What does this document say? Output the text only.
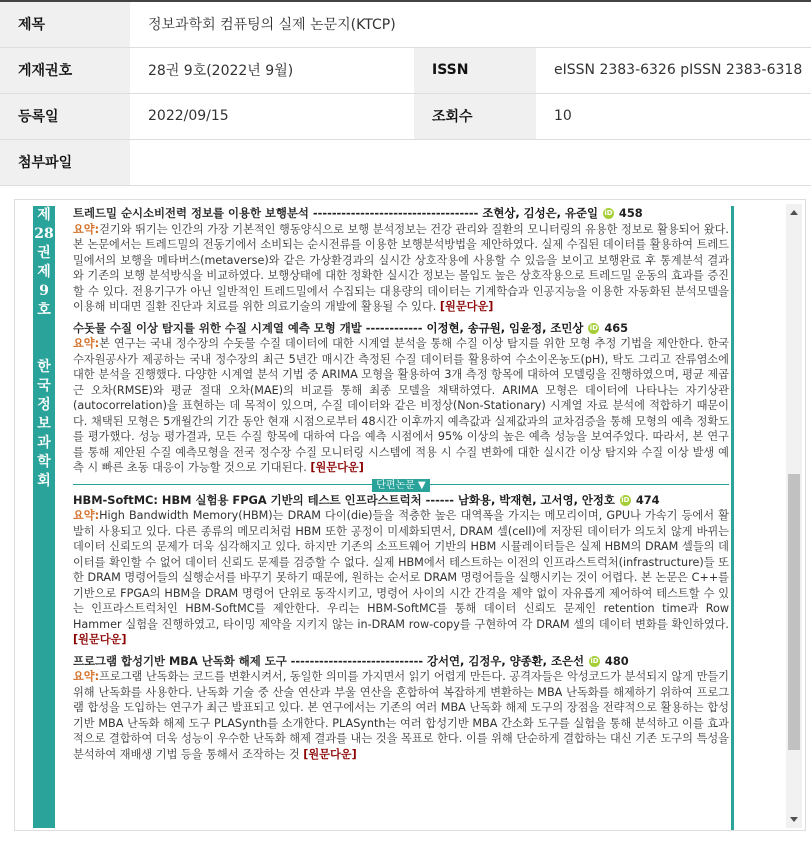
제목	정보과학회 컴퓨팅의 실제 논문지(KTCP)		
게재권호	28권 9호(2022년 9월)	ISSN	eISSN 2383-6326 pISSN 2383-6318
등록일	2022/09/15	조회수	10
첨부파일			
제
28
권
제
9
호

한
국
정
보
과
학
회
트레드밀 순시소비전력 정보를 이용한 보행분석 ----------------------------------- 조현상, 김성은, 유준일 iD 458
요약:걷기와 뛰기는 인간의 가장 기본적인 행동양식으로 보행 분석정보는 건강 관리와 질환의 모니터링의 유용한 정보로 활용되어 왔다. 본 논문에서는 트레드밀의 전동기에서 소비되는 순시전류를 이용한 보행분석방법을 제안하였다. 실제 수집된 데이터를 활용하여 트레드밀에서의 보행을 메타버스(metaverse)와 같은 가상환경과의 실시간 상호작용에 사용할 수 있음을 보이고 보행완료 후 통계분석 결과와 기존의 보행 분석방식을 비교하였다. 보행상태에 대한 정확한 실시간 정보는 몰입도 높은 상호작용으로 트레드밀 운동의 효과를 증진할 수 있다. 전용기구가 아닌 일반적인 트레드밀에서 수집되는 대용량의 데이터는 기계학습과 인공지능을 이용한 자동화된 분석모델을 이용해 비대면 질환 진단과 치료를 위한 의료기술의 개발에 활용될 수 있다. [원문다운]
수돗물 수질 이상 탐지를 위한 수질 시계열 예측 모형 개발 ------------ 이정현, 송규원, 임윤정, 조민상 iD 465
요약:본 연구는 국내 정수장의 수돗물 수질 데이터에 대한 시계열 분석을 통해 수질 이상 탐지를 위한 모형 추정 기법을 제안한다. 한국수자원공사가 제공하는 국내 정수장의 최근 5년간 매시간 측정된 수질 데이터를 활용하여 수소이온농도(pH), 탁도 그리고 잔류염소에 대한 분석을 진행했다. 다양한 시계열 분석 기법 중 ARIMA 모형을 활용하여 3개 측정 항목에 대하여 모델링을 진행하였으며, 평균 제곱근 오차(RMSE)와 평균 절대 오차(MAE)의 비교를 통해 최종 모델을 채택하였다. ARIMA 모형은 데이터에 나타나는 자기상관(autocorrelation)을 표현하는 데 목적이 있으며, 수질 데이터와 같은 비정상(Non-Stationary) 시계열 자료 분석에 적합하기 때문이다. 채택된 모형은 5개월간의 기간 동안 현재 시점으로부터 48시간 이후까지 예측값과 실제값과의 교차검증을 통해 모형의 예측 정확도를 평가했다. 성능 평가결과, 모든 수질 항목에 대하여 다음 예측 시점에서 95% 이상의 높은 예측 성능을 보여주었다. 따라서, 본 연구를 통해 제안된 수질 예측모형을 전국 정수장 수질 모니터링 시스템에 적용 시 수질 변화에 대한 실시간 이상 탐지와 수질 이상 발생 예측 시 빠른 초동 대응이 가능할 것으로 기대된다. [원문다운]
단편논문 ▼
HBM-SoftMC: HBM 실험용 FPGA 기반의 테스트 인프라스트럭처 ------ 남화용, 박재현, 고서영, 안정호 iD 474
요약:High Bandwidth Memory(HBM)는 DRAM 다이(die)들을 적층한 높은 대역폭을 가지는 메모리이며, GPU나 가속기 등에서 활발히 사용되고 있다. 다른 종류의 메모리처럼 HBM 또한 공정이 미세화되면서, DRAM 셀(cell)에 저장된 데이터가 의도치 않게 바뀌는 데이터 신뢰도의 문제가 더욱 심각해지고 있다. 하지만 기존의 소프트웨어 기반의 HBM 시뮬레이터들은 실제 HBM의 DRAM 셀들의 데이터를 확인할 수 없어 데이터 신뢰도 문제를 검증할 수 없다. 실제 HBM에서 테스트하는 이전의 인프라스트럭처(infrastructure)들 또한 DRAM 명령어들의 실행순서를 바꾸기 못하기 때문에, 원하는 순서로 DRAM 명령어들을 실행시키는 것이 어렵다. 본 논문은 C++를 기반으로 FPGA의 HBM을 DRAM 명령어 단위로 동작시키고, 명령어 사이의 시간 간격을 제약 없이 자유롭게 제어하여 테스트할 수 있는 인프라스트럭처인 HBM-SoftMC를 제안한다. 우리는 HBM-SoftMC를 통해 데이터 신뢰도 문제인 retention time과 Row Hammer 실험을 진행하였고, 타이밍 제약을 지키지 않는 in-DRAM row-copy를 구현하여 각 DRAM 셀의 데이터 변화를 확인하였다. [원문다운]
프로그램 합성기반 MBA 난독화 해제 도구 ---------------------------- 강서연, 김정우, 양종환, 조은선 iD 480
요약:프로그램 난독화는 코드를 변환시켜서, 동일한 의미를 가지면서 읽기 어렵게 만든다. 공격자들은 악성코드가 분석되지 않게 만들기 위해 난독화를 사용한다. 난독화 기술 중 산술 연산과 부울 연산을 혼합하여 복잡하게 변환하는 MBA 난독화를 해제하기 위하여 프로그램 합성을 도입하는 연구가 최근 발표되고 있다. 본 연구에서는 기존의 여러 MBA 난독화 해제 도구의 장점을 전략적으로 활용하는 합성기반 MBA 난독화 해제 도구 PLASynth를 소개한다. PLASynth는 여러 합성기반 MBA 간소화 도구를 실험을 통해 분석하고 이를 효과적으로 결합하여 더욱 성능이 우수한 난독화 해제 결과를 내는 것을 목표로 한다. 이를 위해 단순하게 결합하는 대신 기존 도구의 특성을 분석하여 재배생 기법 등을 통해서 조작하는 것 [원문다운]
